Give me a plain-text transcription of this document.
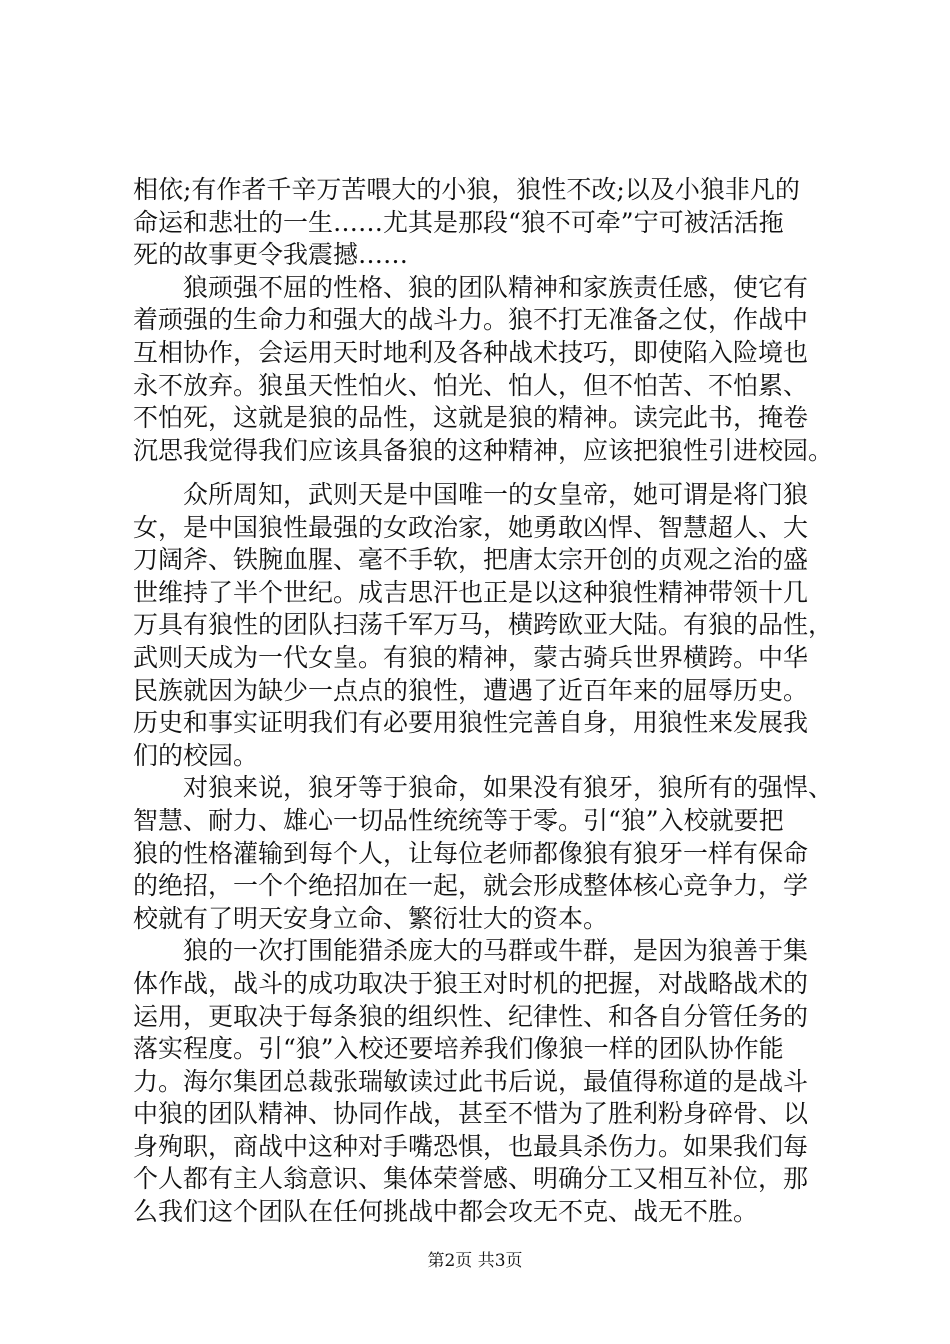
相依;有作者千辛万苦喂大的小狼，狼性不改;以及小狼非凡的
命运和悲壮的一生……尤其是那段“狼不可牵”宁可被活活拖
死的故事更令我震撼……
狼顽强不屈的性格、狼的团队精神和家族责任感，使它有
着顽强的生命力和强大的战斗力。狼不打无准备之仗，作战中
互相协作，会运用天时地利及各种战术技巧，即使陷入险境也
永不放弃。狼虽天性怕火、怕光、怕人，但不怕苦、不怕累、
不怕死，这就是狼的品性，这就是狼的精神。读完此书，掩卷
沉思我觉得我们应该具备狼的这种精神，应该把狼性引进校园。
众所周知，武则天是中国唯一的女皇帝，她可谓是将门狼
女，是中国狼性最强的女政治家，她勇敢凶悍、智慧超人、大
刀阔斧、铁腕血腥、毫不手软，把唐太宗开创的贞观之治的盛
世维持了半个世纪。成吉思汗也正是以这种狼性精神带领十几
万具有狼性的团队扫荡千军万马，横跨欧亚大陆。有狼的品性，
武则天成为一代女皇。有狼的精神，蒙古骑兵世界横跨。中华
民族就因为缺少一点点的狼性，遭遇了近百年来的屈辱历史。
历史和事实证明我们有必要用狼性完善自身，用狼性来发展我
们的校园。
对狼来说，狼牙等于狼命，如果没有狼牙，狼所有的强悍、
智慧、耐力、雄心一切品性统统等于零。引“狼”入校就要把
狼的性格灌输到每个人，让每位老师都像狼有狼牙一样有保命
的绝招，一个个绝招加在一起，就会形成整体核心竞争力，学
校就有了明天安身立命、繁衍壮大的资本。
狼的一次打围能猎杀庞大的马群或牛群，是因为狼善于集
体作战，战斗的成功取决于狼王对时机的把握，对战略战术的
运用，更取决于每条狼的组织性、纪律性、和各自分管任务的
落实程度。引“狼”入校还要培养我们像狼一样的团队协作能
力。海尔集团总裁张瑞敏读过此书后说，最值得称道的是战斗
中狼的团队精神、协同作战，甚至不惜为了胜利粉身碎骨、以
身殉职，商战中这种对手嘴恐惧，也最具杀伤力。如果我们每
个人都有主人翁意识、集体荣誉感、明确分工又相互补位，那
么我们这个团队在任何挑战中都会攻无不克、战无不胜。
第2页 共3页
